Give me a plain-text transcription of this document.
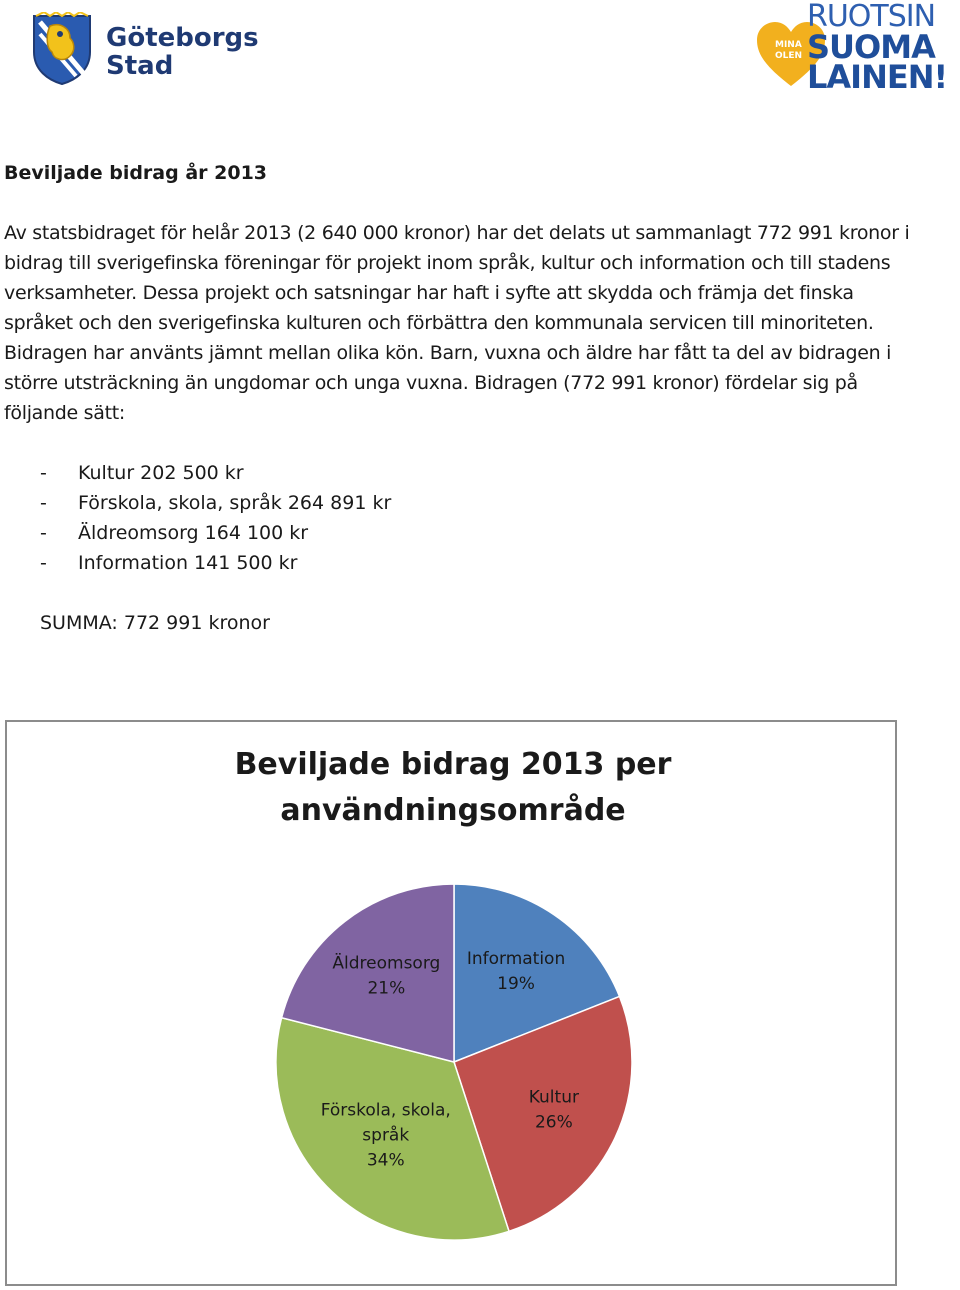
Göteborgs
Stad
MINA
OLEN
RUOTSIN
SUOMA
LAINEN!

Beviljade bidrag år 2013

Av statsbidraget för helår 2013 (2 640 000 kronor) har det delats ut sammanlagt 772 991 kronor i bidrag till sverigefinska föreningar för projekt inom språk, kultur och information och till stadens verksamheter. Dessa projekt och satsningar har haft i syfte att skydda och främja det finska språket och den sverigefinska kulturen och förbättra den kommunala servicen till minoriteten. Bidragen har använts jämnt mellan olika kön. Barn, vuxna och äldre har fått ta del av bidragen i större utsträckning än ungdomar och unga vuxna. Bidragen (772 991 kronor) fördelar sig på följande sätt:

- Kultur 202 500 kr
- Förskola, skola, språk 264 891 kr
- Äldreomsorg 164 100 kr
- Information 141 500 kr

SUMMA: 772 991 kronor

Beviljade bidrag 2013 per
användningsområde
Information 19%
Kultur 26%
Förskola, skola, språk 34%
Äldreomsorg 21%
